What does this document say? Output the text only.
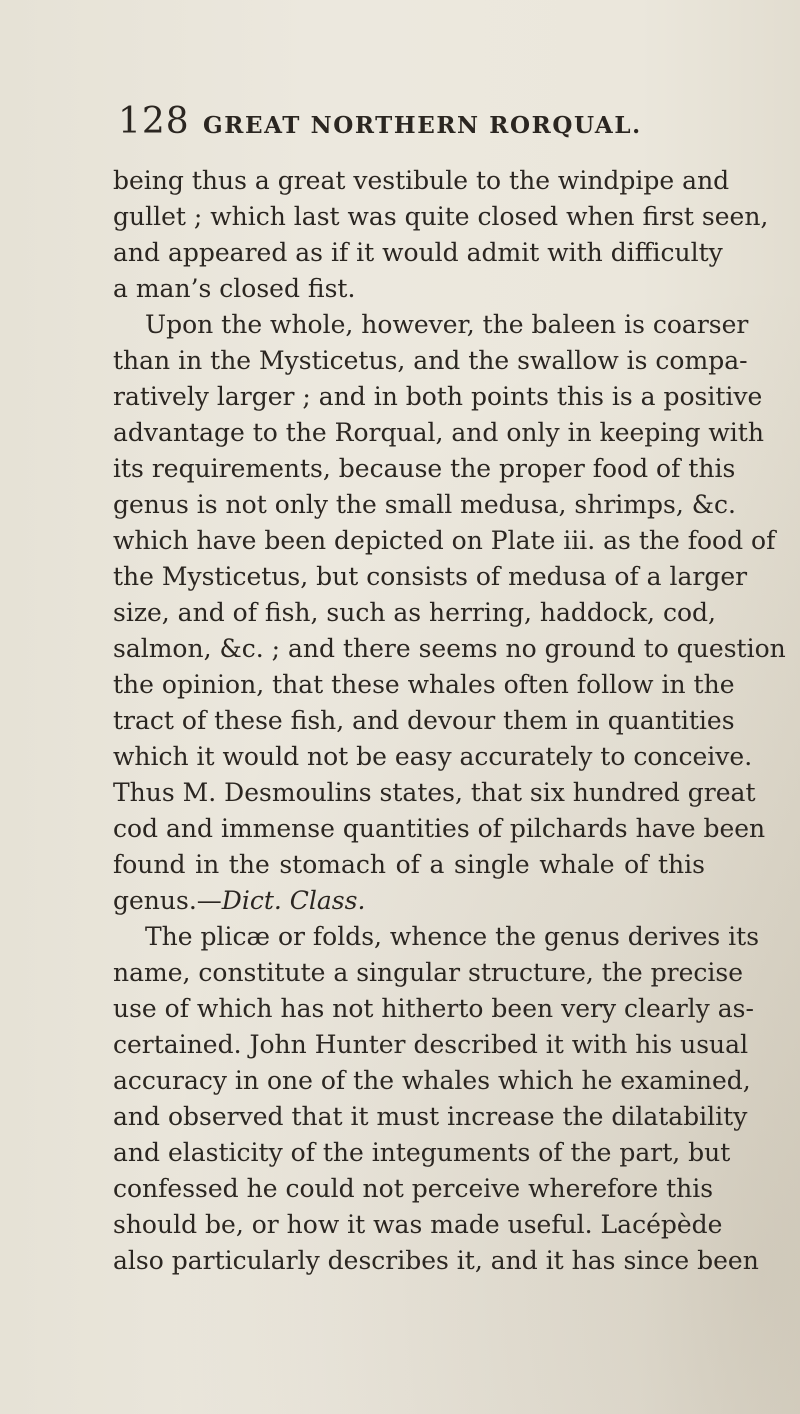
128 GREAT NORTHERN RORQUAL.
being thus a great vestibule to the windpipe and
gullet ; which last was quite closed when first seen,
and appeared as if it would admit with difficulty
a man’s closed fist.
Upon the whole, however, the baleen is coarser
than in the Mysticetus, and the swallow is compa-
ratively larger ; and in both points this is a positive
advantage to the Rorqual, and only in keeping with
its requirements, because the proper food of this
genus is not only the small medusa, shrimps, &c.
which have been depicted on Plate iii. as the food of
the Mysticetus, but consists of medusa of a larger
size, and of fish, such as herring, haddock, cod,
salmon, &c. ; and there seems no ground to question
the opinion, that these whales often follow in the
tract of these fish, and devour them in quantities
which it would not be easy accurately to conceive.
Thus M. Desmoulins states, that six hundred great
cod and immense quantities of pilchards have been
found in the stomach of a single whale of this
genus.—Dict. Class.
The plicæ or folds, whence the genus derives its
name, constitute a singular structure, the precise
use of which has not hitherto been very clearly as-
certained. John Hunter described it with his usual
accuracy in one of the whales which he examined,
and observed that it must increase the dilatability
and elasticity of the integuments of the part, but
confessed he could not perceive wherefore this
should be, or how it was made useful. Lacépède
also particularly describes it, and it has since been
